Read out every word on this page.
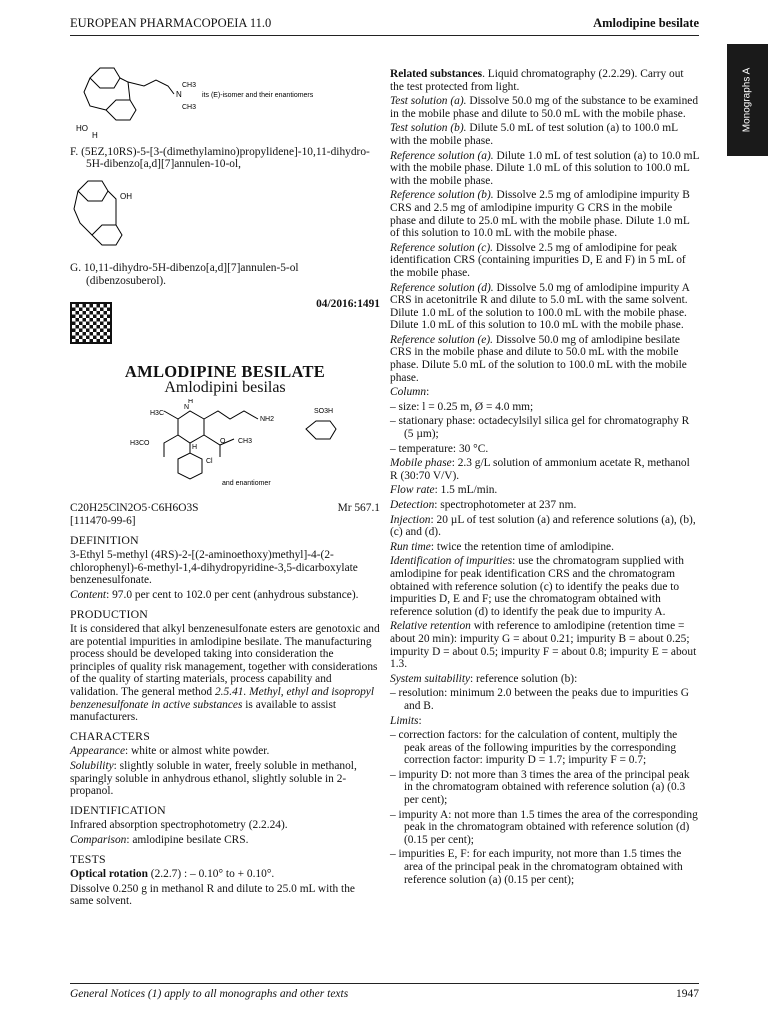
EUROPEAN PHARMACOPOEIA 11.0	Amlodipine besilate
Monographs A
N
CH3
CH3
HO
H
its (E)-isomer and their enantiomers

F. (5EZ,10RS)-5-[3-(dimethylamino)propylidene]-10,11-dihydro-5H-dibenzo[a,d][7]annulen-10-ol,

OH

G. 10,11-dihydro-5H-dibenzo[a,d][7]annulen-5-ol (dibenzosuberol).

04/2016:1491

AMLODIPINE BESILATE
Amlodipini besilas
H3C
N
H
NH2
H3CO	O CH3
H
Cl
SO3H
and enantiomer
C20H25ClN2O5·C6H6O3S	Mr 567.1

[111470-99-6]

DEFINITION

3-Ethyl 5-methyl (4RS)-2-[(2-aminoethoxy)methyl]-4-(2-chlorophenyl)-6-methyl-1,4-dihydropyridine-3,5-dicarboxylate benzenesulfonate.

Content: 97.0 per cent to 102.0 per cent (anhydrous substance).

PRODUCTION

It is considered that alkyl benzenesulfonate esters are genotoxic and are potential impurities in amlodipine besilate. The manufacturing process should be developed taking into consideration the principles of quality risk management, together with considerations of the quality of starting materials, process capability and validation. The general method 2.5.41. Methyl, ethyl and isopropyl benzenesulfonate in active substances is available to assist manufacturers.

CHARACTERS

Appearance: white or almost white powder.

Solubility: slightly soluble in water, freely soluble in methanol, sparingly soluble in anhydrous ethanol, slightly soluble in 2-propanol.

IDENTIFICATION

Infrared absorption spectrophotometry (2.2.24).

Comparison: amlodipine besilate CRS.

TESTS

Optical rotation (2.2.7) : – 0.10° to + 0.10°.

Dissolve 0.250 g in methanol R and dilute to 25.0 mL with the same solvent.

Related substances. Liquid chromatography (2.2.29). Carry out the test protected from light.

Test solution (a). Dissolve 50.0 mg of the substance to be examined in the mobile phase and dilute to 50.0 mL with the mobile phase.

Test solution (b). Dilute 5.0 mL of test solution (a) to 100.0 mL with the mobile phase.

Reference solution (a). Dilute 1.0 mL of test solution (a) to 10.0 mL with the mobile phase. Dilute 1.0 mL of this solution to 100.0 mL with the mobile phase.

Reference solution (b). Dissolve 2.5 mg of amlodipine impurity B CRS and 2.5 mg of amlodipine impurity G CRS in the mobile phase and dilute to 25.0 mL with the mobile phase. Dilute 1.0 mL of this solution to 10.0 mL with the mobile phase.

Reference solution (c). Dissolve 2.5 mg of amlodipine for peak identification CRS (containing impurities D, E and F) in 5 mL of the mobile phase.

Reference solution (d). Dissolve 5.0 mg of amlodipine impurity A CRS in acetonitrile R and dilute to 5.0 mL with the same solvent. Dilute 1.0 mL of the solution to 100.0 mL with the mobile phase. Dilute 1.0 mL of this solution to 10.0 mL with the mobile phase.

Reference solution (e). Dissolve 50.0 mg of amlodipine besilate CRS in the mobile phase and dilute to 50.0 mL with the mobile phase. Dilute 5.0 mL of the solution to 100.0 mL with the mobile phase.

Column:

– size: l = 0.25 m, Ø = 4.0 mm;

– stationary phase: octadecylsilyl silica gel for chromatography R (5 µm);

– temperature: 30 °C.

Mobile phase: 2.3 g/L solution of ammonium acetate R, methanol R (30:70 V/V).

Flow rate: 1.5 mL/min.

Detection: spectrophotometer at 237 nm.

Injection: 20 µL of test solution (a) and reference solutions (a), (b), (c) and (d).

Run time: twice the retention time of amlodipine.

Identification of impurities: use the chromatogram supplied with amlodipine for peak identification CRS and the chromatogram obtained with reference solution (c) to identify the peaks due to impurities D, E and F; use the chromatogram obtained with reference solution (d) to identify the peak due to impurity A.

Relative retention with reference to amlodipine (retention time = about 20 min): impurity G = about 0.21; impurity B = about 0.25; impurity D = about 0.5; impurity F = about 0.8; impurity E = about 1.3.

System suitability: reference solution (b):

– resolution: minimum 2.0 between the peaks due to impurities G and B.

Limits:

– correction factors: for the calculation of content, multiply the peak areas of the following impurities by the corresponding correction factor: impurity D = 1.7; impurity F = 0.7;

– impurity D: not more than 3 times the area of the principal peak in the chromatogram obtained with reference solution (a) (0.3 per cent);

– impurity A: not more than 1.5 times the area of the corresponding peak in the chromatogram obtained with reference solution (d) (0.15 per cent);

– impurities E, F: for each impurity, not more than 1.5 times the area of the principal peak in the chromatogram obtained with reference solution (a) (0.15 per cent);

General Notices (1) apply to all monographs and other texts	1947
